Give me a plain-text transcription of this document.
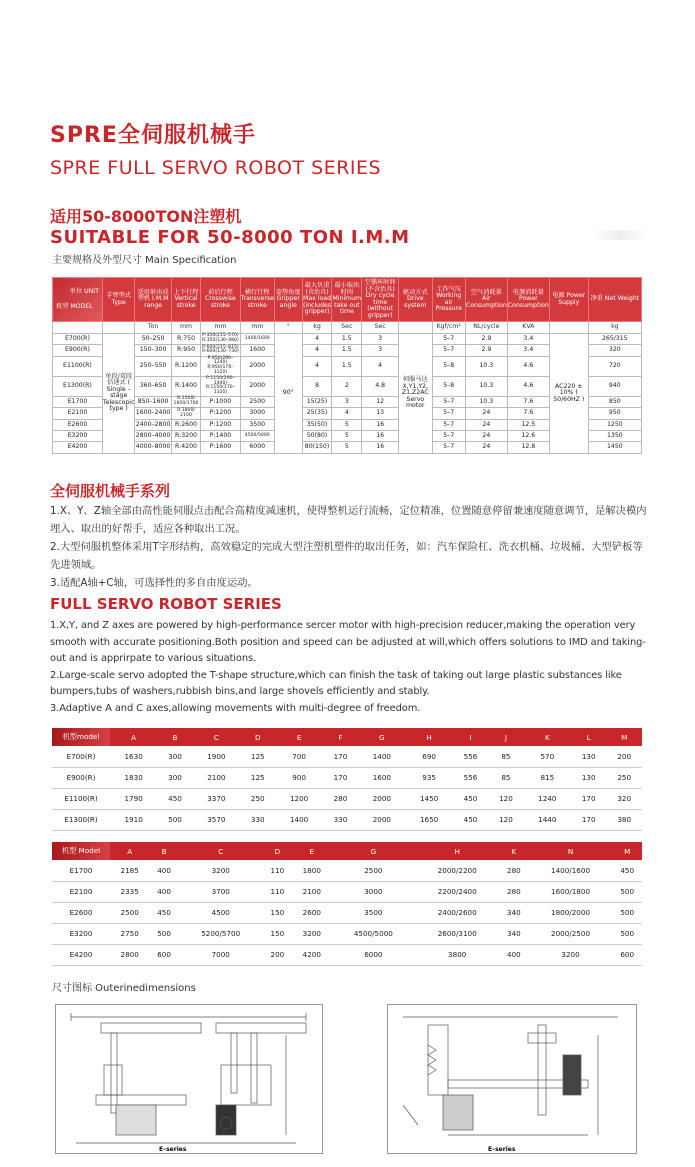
SPRE全伺服机械手
SPRE FULL SERVO ROBOT SERIES
适用50-8000TON注塑机
SUITABLE FOR 50-8000 TON I.M.M
主要规格及外型尺寸 Main Specification
单位 UNIT
机型 MODEL	手臂型式 Type	适用射出成型机 I.M.M range	上下行程 Vertical stroke	前后行程 Crosswise stroke	横行行程 Transverse stroke	姿势角度 Gripper angle	最大负重(含治具) Max load (includes gripper)	最小取出时间 Minimum take out time	空循环时间(不含治具) Dry cycle time (without gripper)	驱动方式 Drive system	工作气压 Working air Pressure	空气消耗量 Air Consumption	电源消耗量 Power Consumption	电源 Power Supply	净重 Net Weight
		Ton	mm	mm	mm	°	kg	Sec	Sec		Kgf/cm²	NL/cycle	KVA		kg
E700(R)	单段/双段 倍速式 ( Single –stage Telescopic type )	50–250	R:750	P:350(215–570) R:350(130–480)	1400/1600	90°	4	1.5	3	伺服马达 X,Y1,Y2, Z1,Z2AC Servo motor	5–7	2.9	3.4	AC220 ± 10% ( 50/60HZ )	265/315
E900(R)		150–300	R:950	P:600(215–815) R:600(130–730)	1600		4	1.5	3		5–7	2.9	3.4		320
E1100(R)		250–550	R:1200	P:950(290–1240) R:950(170–1120)	2000		4	1.5	4		5–8	10.3	4.6		720
E1300(R)		360–650	R:1400	P:1150(290–1440) R:1150(170–1320)	2000		8	2	4.8		5–8	10.3	4.6		940
E1700		850–1600	R:1500/ 1600/1700	P:1000	2500		15(25)	3	12		5–7	10.3	7.6		850
E2100		1600–2400	R:1800/ 2100	P:1200	3000		25(35)	4	13		5–7	24	7.6		950
E2600		2400–2800	R:2600	P:1200	3500		35(50)	5	16		5–7	24	12.5		1250
E3200		2800–4000	R:3200	P:1400	4500/5000		50(80)	5	16		5–7	24	12.6		1350
E4200		4000–8000	R:4200	P:1600	6000		80(150)	5	16		5–7	24	12.8		1450
全伺服机械手系列
1.X、Y、Z轴全部由高性能伺服点击配合高精度减速机，使得整机运行流畅，定位精准，位置随意停留兼速度随意调节，是解决模内埋入、取出的好帮手，适应各种取出工况。
2.大型伺服机整体采用T字形结构，高效稳定的完成大型注塑机塑件的取出任务，如：汽车保险杠、洗衣机桶、垃圾桶、大型铲板等先进领域。
3.适配A轴+C轴，可选择性的多自由度运动。
FULL SERVO ROBOT SERIES
1.X,Y, and Z axes are powered by high-performance sercer motor with high-precision reducer,making the operation very smooth with accurate positioning.Both position and speed can be adjusted at will,which offers solutions to IMD and taking-out and is apprirpate to various situations.
2.Large-scale servo adopted the T-shape structure,which can finish the task of taking out large plastic substances like bumpers,tubs of washers,rubbish bins,and large shovels efficiently and stably.
3.Adaptive A and C axes,allowing movements with multi-degree of freedom.
机型model	A	B	C	D	E	F	G	H	I	J	K	L	M
E700(R)	1630	300	1900	125	700	170	1400	690	556	85	570	130	200
E900(R)	1830	300	2100	125	900	170	1600	935	556	85	815	130	250
E1100(R)	1790	450	3370	250	1200	280	2000	1450	450	120	1240	170	320
E1300(R)	1910	500	3570	330	1400	330	2000	1650	450	120	1440	170	380
机型 Model	A	B	C	D	E	G	H	K	N	M
E1700	2185	400	3200	110	1800	2500	2000/2200	280	1400/1600	450
E2100	2335	400	3700	110	2100	3000	2200/2400	280	1600/1800	500
E2600	2500	450	4500	150	2600	3500	2400/2600	340	1800/2000	500
E3200	2750	500	5200/5700	150	3200	4500/5000	2600/3100	340	2000/2500	500
E4200	2800	600	7000	200	4200	6000	3800	400	3200	600
尺寸图标 Outerinedimensions
E–series	E–series
